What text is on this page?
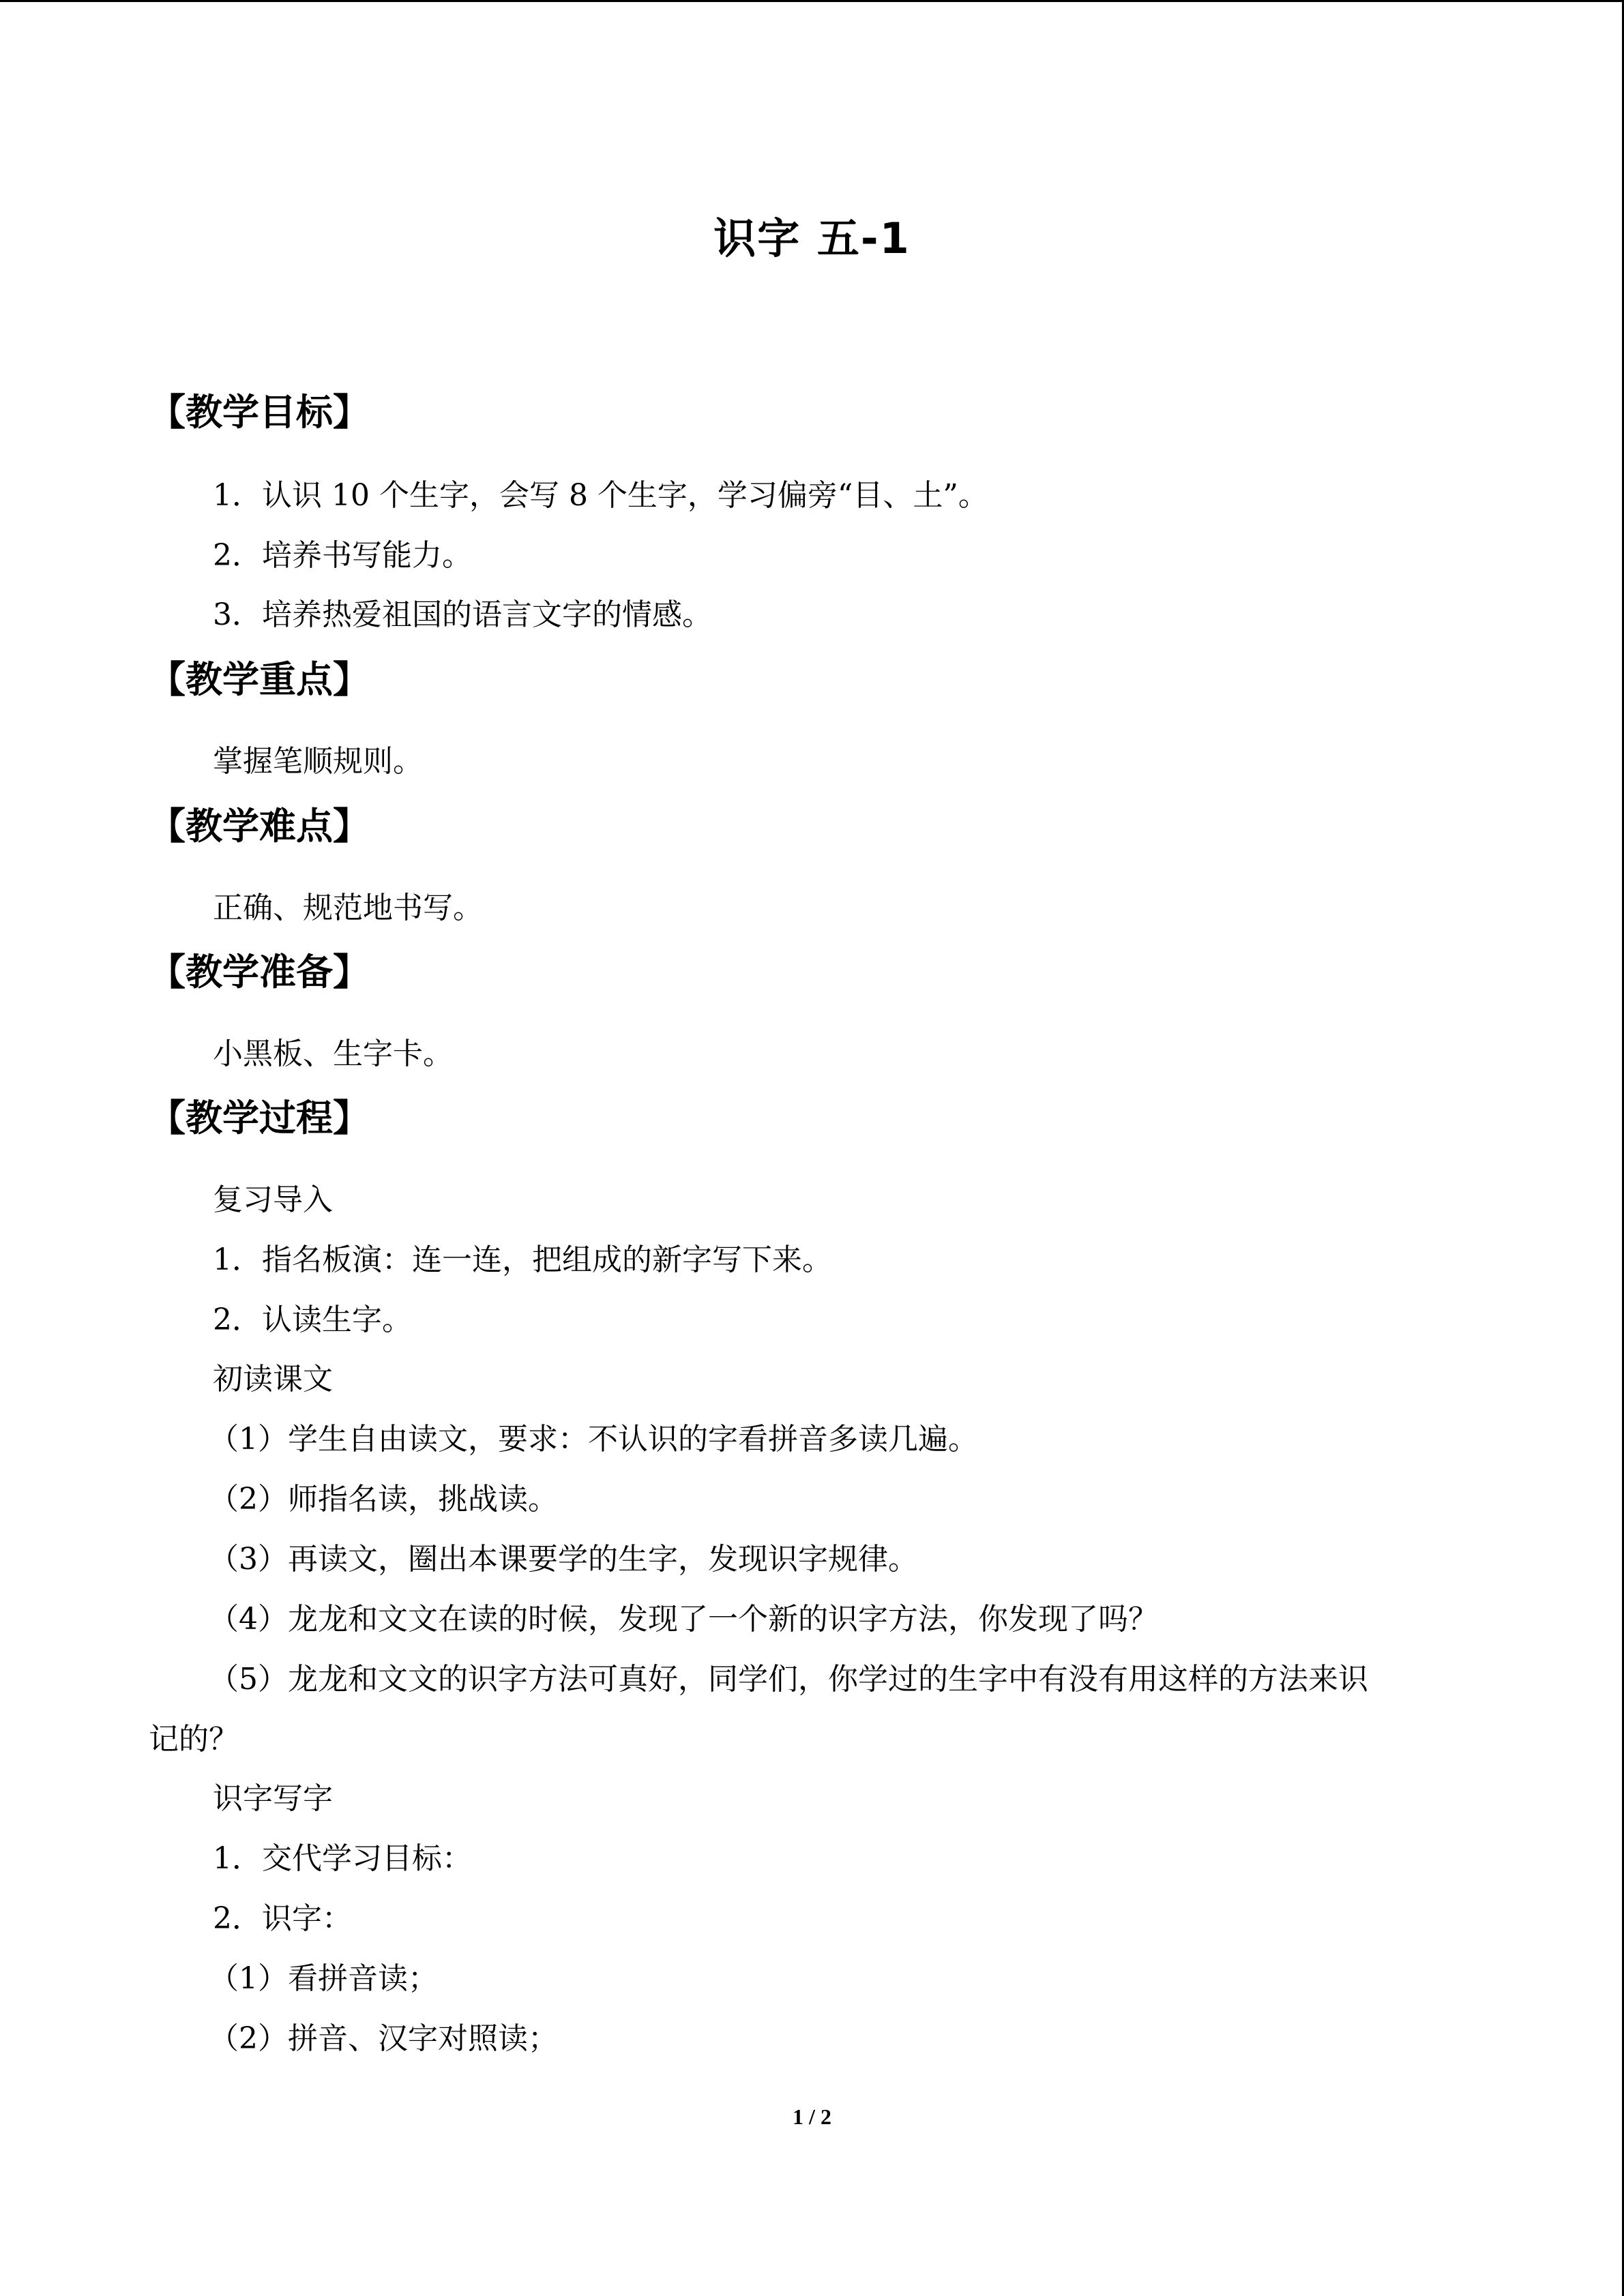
识字 五-1
【教学目标】
1．认识 10 个生字，会写 8 个生字，学习偏旁“目、土”。
2．培养书写能力。
3．培养热爱祖国的语言文字的情感。
【教学重点】
掌握笔顺规则。
【教学难点】
正确、规范地书写。
【教学准备】
小黑板、生字卡。
【教学过程】
复习导入
1．指名板演：连一连，把组成的新字写下来。
2．认读生字。
初读课文
（1）学生自由读文，要求：不认识的字看拼音多读几遍。
（2）师指名读，挑战读。
（3）再读文，圈出本课要学的生字，发现识字规律。
（4）龙龙和文文在读的时候，发现了一个新的识字方法，你发现了吗？
（5）龙龙和文文的识字方法可真好，同学们，你学过的生字中有没有用这样的方法来识
记的？
识字写字
1．交代学习目标：
2．识字：
（1）看拼音读；
（2）拼音、汉字对照读；
1 / 2
